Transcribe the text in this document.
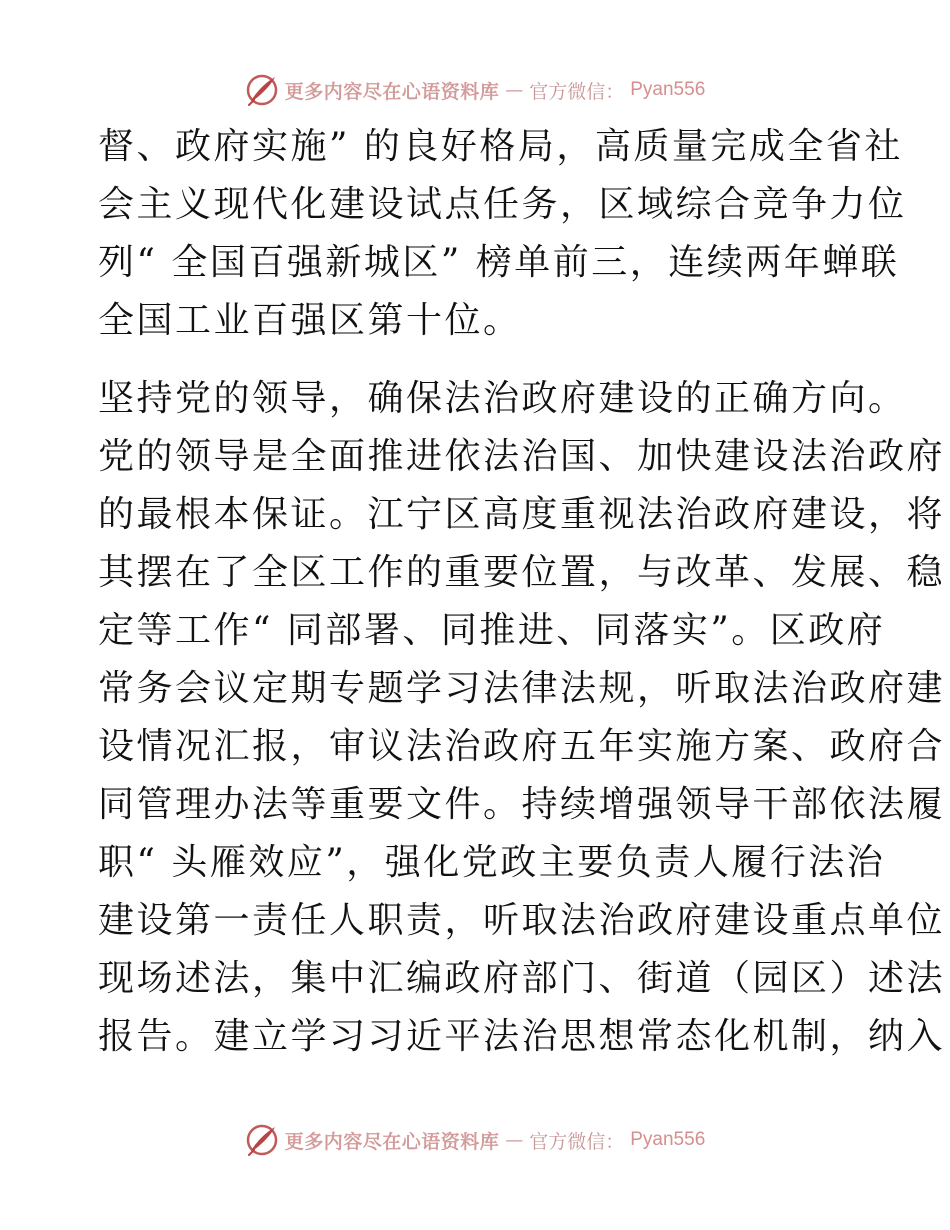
更多内容尽在心语资料库 — 官方微信： Pyan556
督、政府实施” 的良好格局，高质量完成全省社
会主义现代化建设试点任务，区域综合竞争力位
列“ 全国百强新城区” 榜单前三，连续两年蝉联
全国工业百强区第十位。
坚持党的领导，确保法治政府建设的正确方向。
党的领导是全面推进依法治国、加快建设法治政府
的最根本保证。江宁区高度重视法治政府建设，将
其摆在了全区工作的重要位置，与改革、发展、稳
定等工作“ 同部署、同推进、同落实”。区政府
常务会议定期专题学习法律法规，听取法治政府建
设情况汇报，审议法治政府五年实施方案、政府合
同管理办法等重要文件。持续增强领导干部依法履
职“ 头雁效应”，强化党政主要负责人履行法治
建设第一责任人职责，听取法治政府建设重点单位
现场述法，集中汇编政府部门、街道（园区）述法
报告。建立学习习近平法治思想常态化机制，纳入
更多内容尽在心语资料库 — 官方微信： Pyan556
